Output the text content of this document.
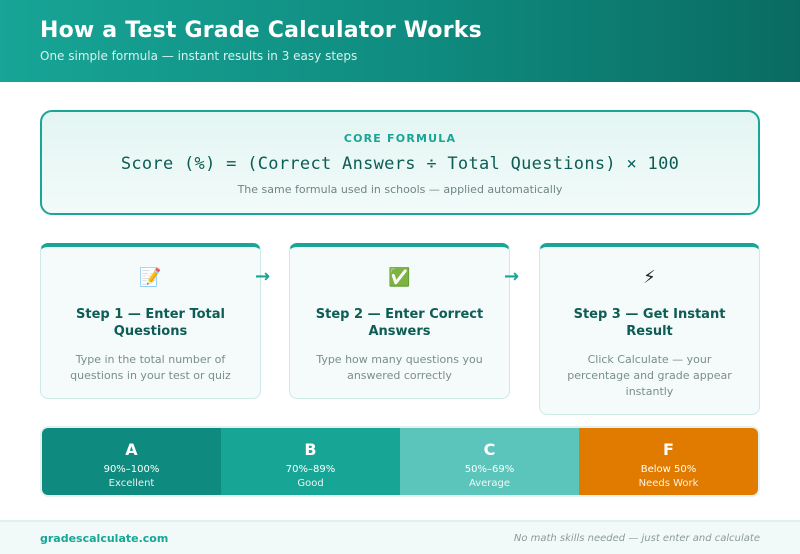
How a Test Grade Calculator Works
One simple formula — instant results in 3 easy steps
CORE FORMULA
Score (%) = (Correct Answers ÷ Total Questions) × 100
The same formula used in schools — applied automatically
📝
Step 1 — Enter Total Questions
Type in the total number of questions in your test or quiz
→	✅
Step 2 — Enter Correct Answers
Type how many questions you answered correctly
→	⚡
Step 3 — Get Instant Result
Click Calculate — your percentage and grade appear instantly
A
90%–100%
Excellent
B
70%–89%
Good
C
50%–69%
Average
F
Below 50%
Needs Work
gradescalculate.com	No math skills needed — just enter and calculate
